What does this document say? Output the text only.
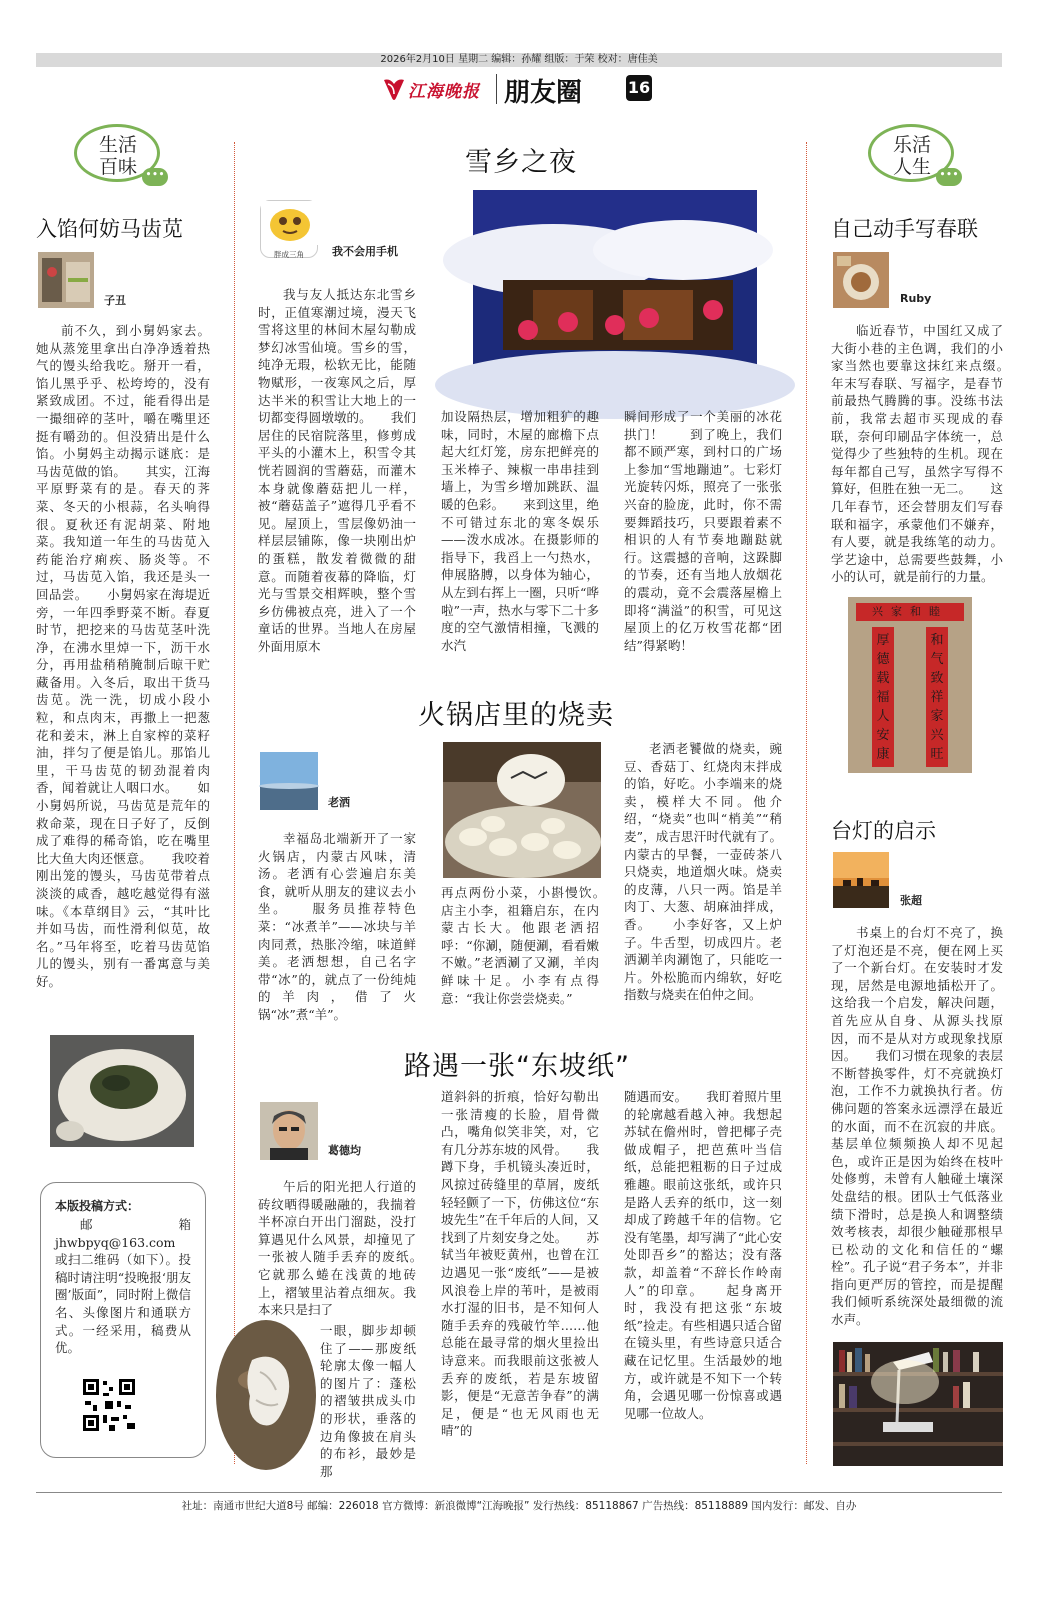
2026年2月10日 星期二 编辑：孙耀 组版：于荣 校对：唐佳美
江海晚报 朋友圈	16
生活
百味 •••
入馅何妨马齿苋
子丑

前不久，到小舅妈家去。她从蒸笼里拿出白净净透着热气的馒头给我吃。掰开一看，馅儿黑乎乎、松垮垮的，没有紧致成团。不过，能看得出是一撮细碎的茎叶，嚼在嘴里还挺有嚼劲的。但没猜出是什么馅。小舅妈主动揭示谜底：是马齿苋做的馅。　　其实，江海平原野菜有的是。春天的荠菜、冬天的小根蒜，名头响得很。夏秋还有泥胡菜、附地菜。我知道一年生的马齿苋入药能治疗痢疾、肠炎等。不过，马齿苋入馅，我还是头一回品尝。　　小舅妈家在海堤近旁，一年四季野菜不断。春夏时节，把挖来的马齿苋茎叶洗净，在沸水里焯一下，沥干水分，再用盐稍稍腌制后晾干贮藏备用。入冬后，取出干货马齿苋。洗一洗，切成小段小粒，和点肉末，再撒上一把葱花和姜末，淋上自家榨的菜籽油，拌匀了便是馅儿。那馅儿里，干马齿苋的韧劲混着肉香，闻着就让人咽口水。　　如小舅妈所说，马齿苋是荒年的救命菜，现在日子好了，反倒成了难得的稀奇馅，吃在嘴里比大鱼大肉还惬意。　　我咬着刚出笼的馒头，马齿苋带着点淡淡的咸香，越吃越觉得有滋味。《本草纲目》云，“其叶比并如马齿，而性滑利似苋，故名。”马年将至，吃着马齿苋馅儿的馒头，别有一番寓意与美好。

本版投稿方式：
邮箱 jhwbpyq@163.com 或扫二维码（如下）。投稿时请注明“投晚报‘朋友圈’版面”，同时附上微信名、头像图片和通联方式。一经采用，稿费从优。
雪乡之夜
胖成三角	我不会用手机

我与友人抵达东北雪乡时，正值寒潮过境，漫天飞雪将这里的林间木屋勾勒成梦幻冰雪仙境。雪乡的雪，纯净无瑕，松软无比，能随物赋形，一夜寒风之后，厚达半米的积雪让大地上的一切都变得圆墩墩的。　　我们居住的民宿院落里，修剪成平头的小灌木上，积雪令其恍若圆润的雪蘑菇，而灌木本身就像蘑菇把儿一样，被“蘑菇盖子”遮得几乎看不见。屋顶上，雪层像奶油一样层层铺陈，像一块刚出炉的蛋糕，散发着微微的甜意。而随着夜幕的降临，灯光与雪景交相辉映，整个雪乡仿佛被点亮，进入了一个童话的世界。当地人在房屋外面用原木

加设隔热层，增加粗犷的趣味，同时，木屋的廊檐下点起大红灯笼，房东把鲜亮的玉米棒子、辣椒一串串挂到墙上，为雪乡增加跳跃、温暖的色彩。　　来到这里，绝不可错过东北的寒冬娱乐——泼水成冰。在摄影师的指导下，我舀上一勺热水，伸展胳膊，以身体为轴心，从左到右挥上一圈，只听“哗啦”一声，热水与零下二十多度的空气激情相撞，飞溅的水汽

瞬间形成了一个美丽的冰花拱门！　　到了晚上，我们都不顾严寒，到村口的广场上参加“雪地蹦迪”。七彩灯光旋转闪烁，照亮了一张张兴奋的脸庞，此时，你不需要舞蹈技巧，只要跟着素不相识的人有节奏地蹦跶就行。这震撼的音响，这跺脚的节奏，还有当地人放烟花的震动，竟不会震落屋檐上即将“满溢”的积雪，可见这屋顶上的亿万枚雪花都“团结”得紧哟！

火锅店里的烧卖
老洒

幸福岛北端新开了一家火锅店，内蒙古风味，清汤。老洒有心尝遍启东美食，就听从朋友的建议去小坐。　　服务员推荐特色菜：“冰煮羊”——冰块与羊肉同煮，热胀冷缩，味道鲜美。老洒想想，自己名字带“冰”的，就点了一份纯炖的羊肉，借了火锅“冰”煮“羊”。

再点两份小菜，小斟慢饮。　　店主小李，祖籍启东，在内蒙古长大。他跟老洒招呼：“你涮，随便涮，看看嫩不嫩。”老洒涮了又涮，羊肉鲜味十足。小李有点得意：“我让你尝尝烧卖。”

老洒老饕做的烧卖，豌豆、香菇丁、红烧肉末拌成的馅，好吃。小李端来的烧卖，模样大不同。他介绍，“烧卖”也叫“梢美”“稍麦”，成吉思汗时代就有了。内蒙古的早餐，一壶砖茶八只烧卖，地道烟火味。烧卖的皮薄，八只一两。馅是羊肉丁、大葱、胡麻油拌成，香。　　小李好客，又上炉子。牛舌型，切成四片。老洒涮羊肉涮饱了，只能吃一片。外松脆而内绵软，好吃指数与烧卖在伯仲之间。

路遇一张“东坡纸”
葛德均

午后的阳光把人行道的砖纹晒得暖融融的，我揣着半杯凉白开出门溜跶，没打算遇见什么风景，却撞见了一张被人随手丢弃的废纸。　　它就那么蜷在浅黄的地砖上，褶皱里沾着点细灰。我本来只是扫了

一眼，脚步却顿住了——那废纸轮廓太像一幅人的图片了：蓬松的褶皱拱成头巾的形状，垂落的边角像披在肩头的布衫，最妙是那

道斜斜的折痕，恰好勾勒出一张清瘦的长脸，眉骨微凸，嘴角似笑非笑，对，它有几分苏东坡的风骨。　　我蹲下身，手机镜头凑近时，风掠过砖缝里的草屑，废纸轻轻颤了一下，仿佛这位“东坡先生”在千年后的人间，又找到了片刻安身之处。　　苏轼当年被贬黄州，也曾在江边遇见一张“废纸”——是被风浪卷上岸的苇叶，是被雨水打湿的旧书，是不知何人随手丢弃的残破竹竿……他总能在最寻常的烟火里捡出诗意来。而我眼前这张被人丢弃的废纸，若是东坡留影，便是“无意苦争春”的满足，便是“也无风雨也无晴”的

随遇而安。　　我盯着照片里的轮廓越看越入神。我想起苏轼在儋州时，曾把椰子壳做成帽子，把芭蕉叶当信纸，总能把粗粝的日子过成雅趣。眼前这张纸，或许只是路人丢弃的纸巾，这一刻却成了跨越千年的信物。它没有笔墨，却写满了“此心安处即吾乡”的豁达；没有落款，却盖着“不辞长作岭南人”的印章。　　起身离开时，我没有把这张“东坡纸”捡走。有些相遇只适合留在镜头里，有些诗意只适合藏在记忆里。生活最妙的地方，或许就是不知下一个转角，会遇见哪一份惊喜或遇见哪一位故人。

乐活
人生 •••
自己动手写春联
Ruby

临近春节，中国红又成了大街小巷的主色调，我们的小家当然也要靠这抹红来点缀。　　年末写春联、写福字，是春节前最热气腾腾的事。没练书法前，我常去超市买现成的春联，奈何印刷品字体统一，总觉得少了些独特的生机。现在每年都自己写，虽然字写得不算好，但胜在独一无二。　　这几年春节，还会替朋友们写春联和福字，承蒙他们不嫌弃，有人要，就是我练笔的动力。学艺途中，总需要些鼓舞，小小的认可，就是前行的力量。

兴家和睦
厚德载福人安康
和气致祥家兴旺
台灯的启示
张超

书桌上的台灯不亮了，换了灯泡还是不亮，便在网上买了一个新台灯。在安装时才发现，居然是电源地插松开了。这给我一个启发，解决问题，首先应从自身、从源头找原因，而不是从对方或现象找原因。　　我们习惯在现象的表层不断替换零件，灯不亮就换灯泡，工作不力就换执行者。仿佛问题的答案永远漂浮在最近的水面，而不在沉寂的井底。基层单位频频换人却不见起色，或许正是因为始终在枝叶处修剪，未曾有人触碰土壤深处盘结的根。团队士气低落业绩下滑时，总是换人和调整绩效考核表，却很少触碰那根早已松动的文化和信任的“螺栓”。孔子说“君子务本”，并非指向更严厉的管控，而是提醒我们倾听系统深处最细微的流水声。

社址：南通市世纪大道8号 邮编：226018 官方微博：新浪微博“江海晚报” 发行热线：85118867 广告热线：85118889 国内发行：邮发、自办
